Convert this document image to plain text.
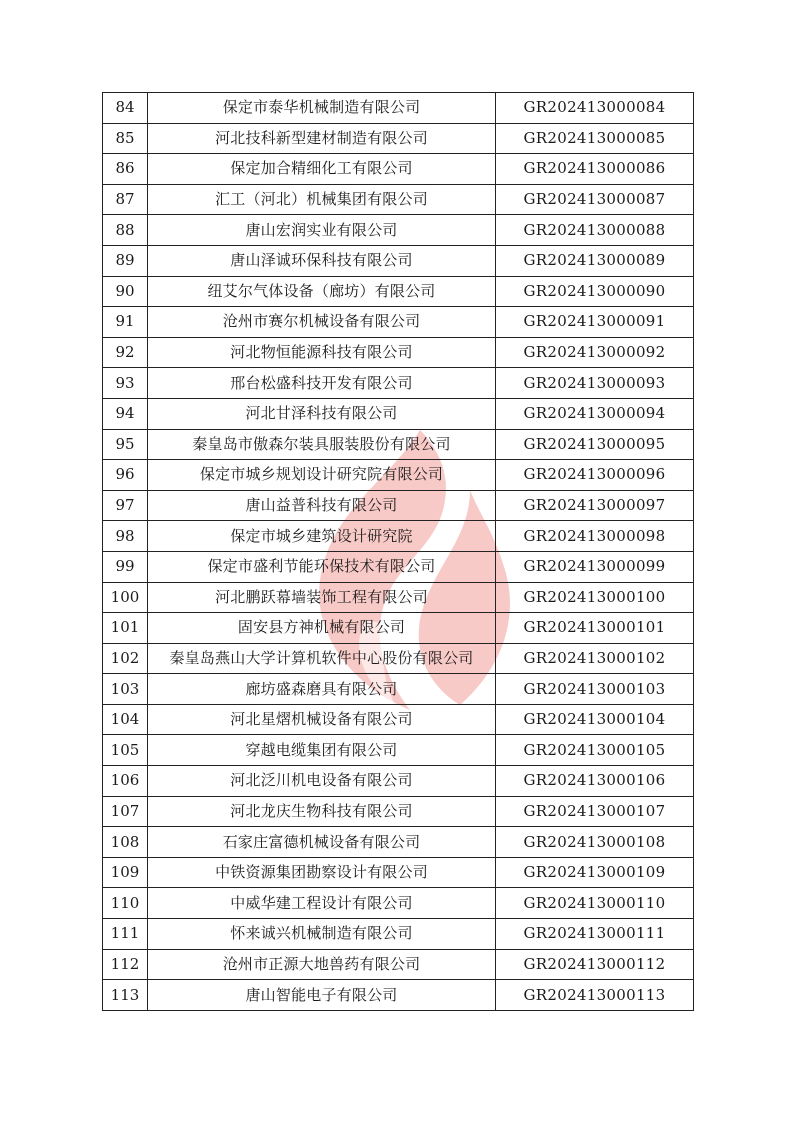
84	保定市泰华机械制造有限公司	GR202413000084
85	河北技科新型建材制造有限公司	GR202413000085
86	保定加合精细化工有限公司	GR202413000086
87	汇工（河北）机械集团有限公司	GR202413000087
88	唐山宏润实业有限公司	GR202413000088
89	唐山泽诚环保科技有限公司	GR202413000089
90	纽艾尔气体设备（廊坊）有限公司	GR202413000090
91	沧州市赛尔机械设备有限公司	GR202413000091
92	河北物恒能源科技有限公司	GR202413000092
93	邢台松盛科技开发有限公司	GR202413000093
94	河北甘泽科技有限公司	GR202413000094
95	秦皇岛市傲森尔装具服装股份有限公司	GR202413000095
96	保定市城乡规划设计研究院有限公司	GR202413000096
97	唐山益普科技有限公司	GR202413000097
98	保定市城乡建筑设计研究院	GR202413000098
99	保定市盛利节能环保技术有限公司	GR202413000099
100	河北鹏跃幕墙装饰工程有限公司	GR202413000100
101	固安县方神机械有限公司	GR202413000101
102	秦皇岛燕山大学计算机软件中心股份有限公司	GR202413000102
103	廊坊盛森磨具有限公司	GR202413000103
104	河北星熠机械设备有限公司	GR202413000104
105	穿越电缆集团有限公司	GR202413000105
106	河北泛川机电设备有限公司	GR202413000106
107	河北龙庆生物科技有限公司	GR202413000107
108	石家庄富德机械设备有限公司	GR202413000108
109	中铁资源集团勘察设计有限公司	GR202413000109
110	中威华建工程设计有限公司	GR202413000110
111	怀来诚兴机械制造有限公司	GR202413000111
112	沧州市正源大地兽药有限公司	GR202413000112
113	唐山智能电子有限公司	GR202413000113
